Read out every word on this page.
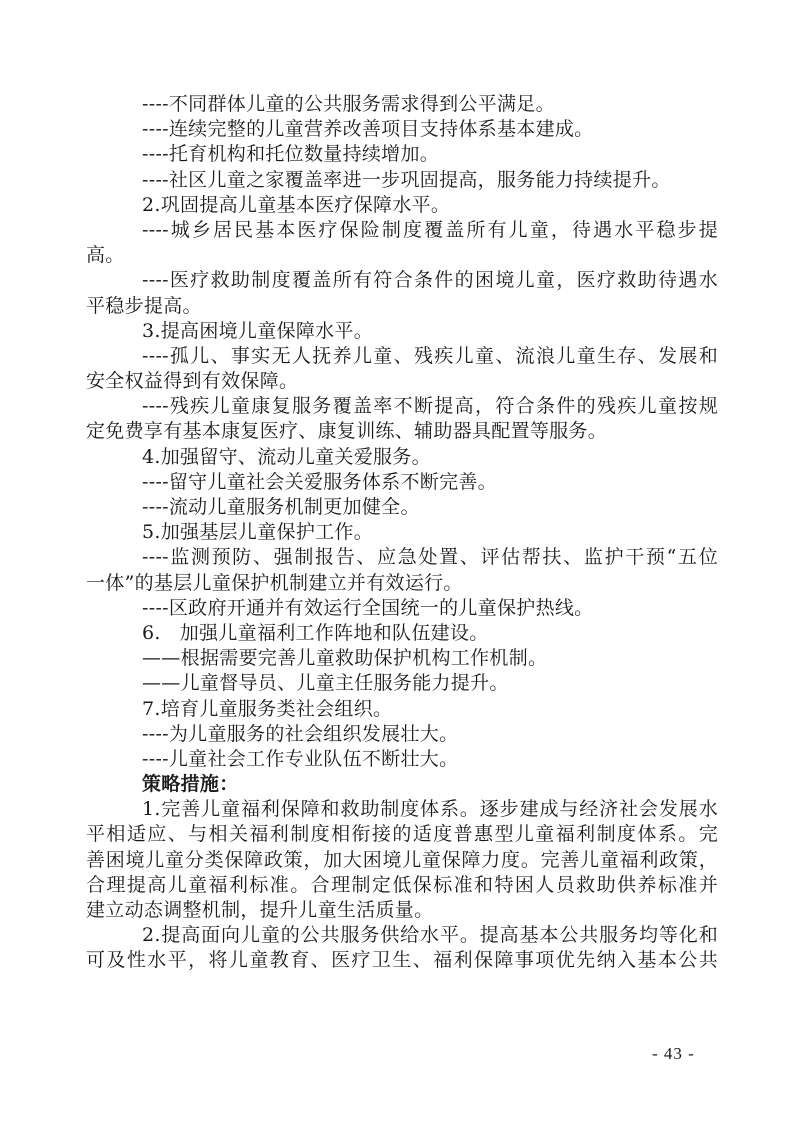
----不同群体儿童的公共服务需求得到公平满足。
----连续完整的儿童营养改善项目支持体系基本建成。
----托育机构和托位数量持续增加。
----社区儿童之家覆盖率进一步巩固提高，服务能力持续提升。
2.巩固提高儿童基本医疗保障水平。
----城乡居民基本医疗保险制度覆盖所有儿童，待遇水平稳步提
高。
----医疗救助制度覆盖所有符合条件的困境儿童，医疗救助待遇水
平稳步提高。
3.提高困境儿童保障水平。
----孤儿、事实无人抚养儿童、残疾儿童、流浪儿童生存、发展和
安全权益得到有效保障。
----残疾儿童康复服务覆盖率不断提高，符合条件的残疾儿童按规
定免费享有基本康复医疗、康复训练、辅助器具配置等服务。
4.加强留守、流动儿童关爱服务。
----留守儿童社会关爱服务体系不断完善。
----流动儿童服务机制更加健全。
5.加强基层儿童保护工作。
----监测预防、强制报告、应急处置、评估帮扶、监护干预“五位
一体”的基层儿童保护机制建立并有效运行。
----区政府开通并有效运行全国统一的儿童保护热线。
6.   加强儿童福利工作阵地和队伍建设。
——根据需要完善儿童救助保护机构工作机制。
——儿童督导员、儿童主任服务能力提升。
7.培育儿童服务类社会组织。
----为儿童服务的社会组织发展壮大。
----儿童社会工作专业队伍不断壮大。
策略措施：
1.完善儿童福利保障和救助制度体系。逐步建成与经济社会发展水
平相适应、与相关福利制度相衔接的适度普惠型儿童福利制度体系。完
善困境儿童分类保障政策，加大困境儿童保障力度。完善儿童福利政策，
合理提高儿童福利标准。合理制定低保标准和特困人员救助供养标准并
建立动态调整机制，提升儿童生活质量。
2.提高面向儿童的公共服务供给水平。提高基本公共服务均等化和
可及性水平，将儿童教育、医疗卫生、福利保障事项优先纳入基本公共
- 43 -
